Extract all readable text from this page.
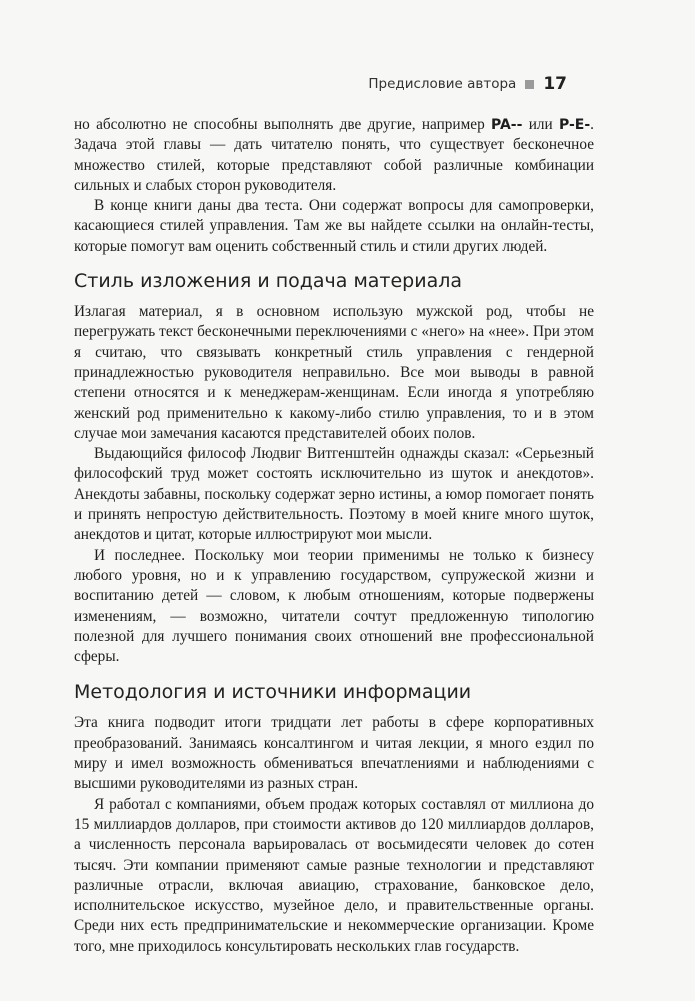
Предисловие автора 17

но абсолютно не способны выполнять две другие, например PA-- или P-E-. Задача этой главы — дать читателю понять, что существует бесконечное множество стилей, которые представляют собой различные комбинации сильных и слабых сторон руководителя.

В конце книги даны два теста. Они содержат вопросы для самопроверки, касающиеся стилей управления. Там же вы найдете ссылки на онлайн-тесты, которые помогут вам оценить собственный стиль и стили других людей.

Стиль изложения и подача материала

Излагая материал, я в основном использую мужской род, чтобы не перегружать текст бесконечными переключениями с «него» на «нее». При этом я считаю, что связывать конкретный стиль управления с гендерной принадлежностью руководителя неправильно. Все мои выводы в равной степени относятся и к менеджерам-женщинам. Если иногда я употребляю женский род применительно к какому-либо стилю управления, то и в этом случае мои замечания касаются представителей обоих полов.

Выдающийся философ Людвиг Витгенштейн однажды сказал: «Серьезный философский труд может состоять исключительно из шуток и анекдотов». Анекдоты забавны, поскольку содержат зерно истины, а юмор помогает понять и принять непростую действительность. Поэтому в моей книге много шуток, анекдотов и цитат, которые иллюстрируют мои мысли.

И последнее. Поскольку мои теории применимы не только к бизнесу любого уровня, но и к управлению государством, супружеской жизни и воспитанию детей — словом, к любым отношениям, которые подвержены изменениям, — возможно, читатели сочтут предложенную типологию полезной для лучшего понимания своих отношений вне профессиональной сферы.

Методология и источники информации

Эта книга подводит итоги тридцати лет работы в сфере корпоративных преобразований. Занимаясь консалтингом и читая лекции, я много ездил по миру и имел возможность обмениваться впечатлениями и наблюдениями с высшими руководителями из разных стран.

Я работал с компаниями, объем продаж которых составлял от миллиона до 15 миллиардов долларов, при стоимости активов до 120 миллиардов долларов, а численность персонала варьировалась от восьмидесяти человек до сотен тысяч. Эти компании применяют самые разные технологии и представляют различные отрасли, включая авиацию, страхование, банковское дело, исполнительское искусство, музейное дело, и правительственные органы. Среди них есть предпринимательские и некоммерческие организации. Кроме того, мне приходилось консультировать нескольких глав государств.
